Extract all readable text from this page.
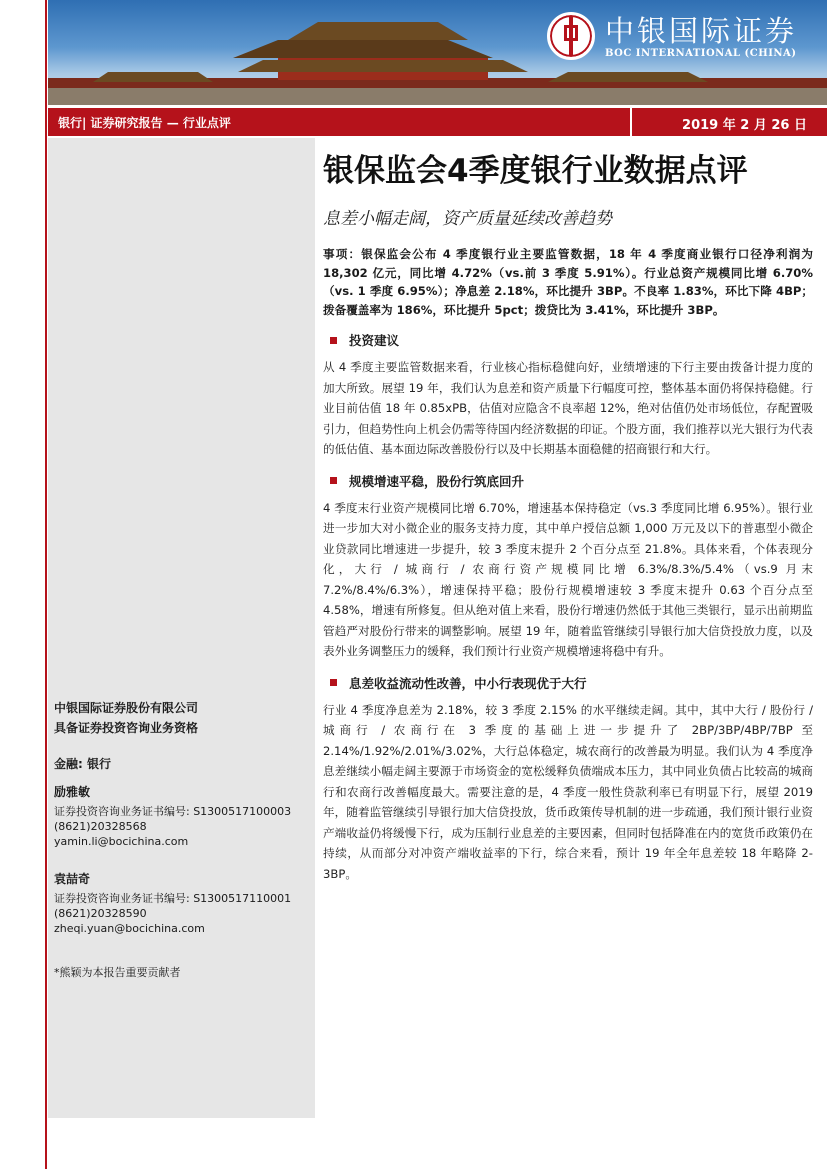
中银国际证券
BOC INTERNATIONAL (CHINA)
银行| 证券研究报告 — 行业点评	2019 年 2 月 26 日
中银国际证券股份有限公司
具备证券投资咨询业务资格
金融: 银行
励雅敏
证券投资咨询业务证书编号: S1300517100003
(8621)20328568
yamin.li@bocichina.com
袁喆奇
证券投资咨询业务证书编号: S1300517110001
(8621)20328590
zheqi.yuan@bocichina.com
*熊颖为本报告重要贡献者
银保监会4季度银行业数据点评
息差小幅走阔，资产质量延续改善趋势
事项：银保监会公布 4 季度银行业主要监管数据，18 年 4 季度商业银行口径净利润为 18,302 亿元，同比增 4.72%（vs.前 3 季度 5.91%）。行业总资产规模同比增 6.70%（vs. 1 季度 6.95%）；净息差 2.18%，环比提升 3BP。不良率 1.83%，环比下降 4BP；拨备覆盖率为 186%，环比提升 5pct；拨贷比为 3.41%，环比提升 3BP。
投资建议
从 4 季度主要监管数据来看，行业核心指标稳健向好，业绩增速的下行主要由拨备计提力度的加大所致。展望 19 年，我们认为息差和资产质量下行幅度可控，整体基本面仍将保持稳健。行业目前估值 18 年 0.85xPB，估值对应隐含不良率超 12%，绝对估值仍处市场低位，存配置吸引力，但趋势性向上机会仍需等待国内经济数据的印证。个股方面，我们推荐以光大银行为代表的低估值、基本面边际改善股份行以及中长期基本面稳健的招商银行和大行。
规模增速平稳，股份行筑底回升
4 季度末行业资产规模同比增 6.70%，增速基本保持稳定（vs.3 季度同比增 6.95%）。银行业进一步加大对小微企业的服务支持力度，其中单户授信总额 1,000 万元及以下的普惠型小微企业贷款同比增速进一步提升，较 3 季度末提升 2 个百分点至 21.8%。具体来看，个体表现分化，大行 / 城商行 / 农商行资产规模同比增 6.3%/8.3%/5.4%（vs.9 月末 7.2%/8.4%/6.3%），增速保持平稳；股份行规模增速较 3 季度末提升 0.63 个百分点至 4.58%，增速有所修复。但从绝对值上来看，股份行增速仍然低于其他三类银行，显示出前期监管趋严对股份行带来的调整影响。展望 19 年，随着监管继续引导银行加大信贷投放力度，以及表外业务调整压力的缓释，我们预计行业资产规模增速将稳中有升。
息差收益流动性改善，中小行表现优于大行
行业 4 季度净息差为 2.18%，较 3 季度 2.15% 的水平继续走阔。其中，其中大行 / 股份行 / 城商行 / 农商行在 3 季度的基础上进一步提升了 2BP/3BP/4BP/7BP 至 2.14%/1.92%/2.01%/3.02%，大行总体稳定，城农商行的改善最为明显。我们认为 4 季度净息差继续小幅走阔主要源于市场资金的宽松缓释负债端成本压力，其中同业负债占比较高的城商行和农商行改善幅度最大。需要注意的是，4 季度一般性贷款利率已有明显下行，展望 2019 年，随着监管继续引导银行加大信贷投放，货币政策传导机制的进一步疏通，我们预计银行业资产端收益仍将缓慢下行，成为压制行业息差的主要因素，但同时包括降准在内的宽货币政策仍在持续，从而部分对冲资产端收益率的下行，综合来看，预计 19 年全年息差较 18 年略降 2-3BP。
